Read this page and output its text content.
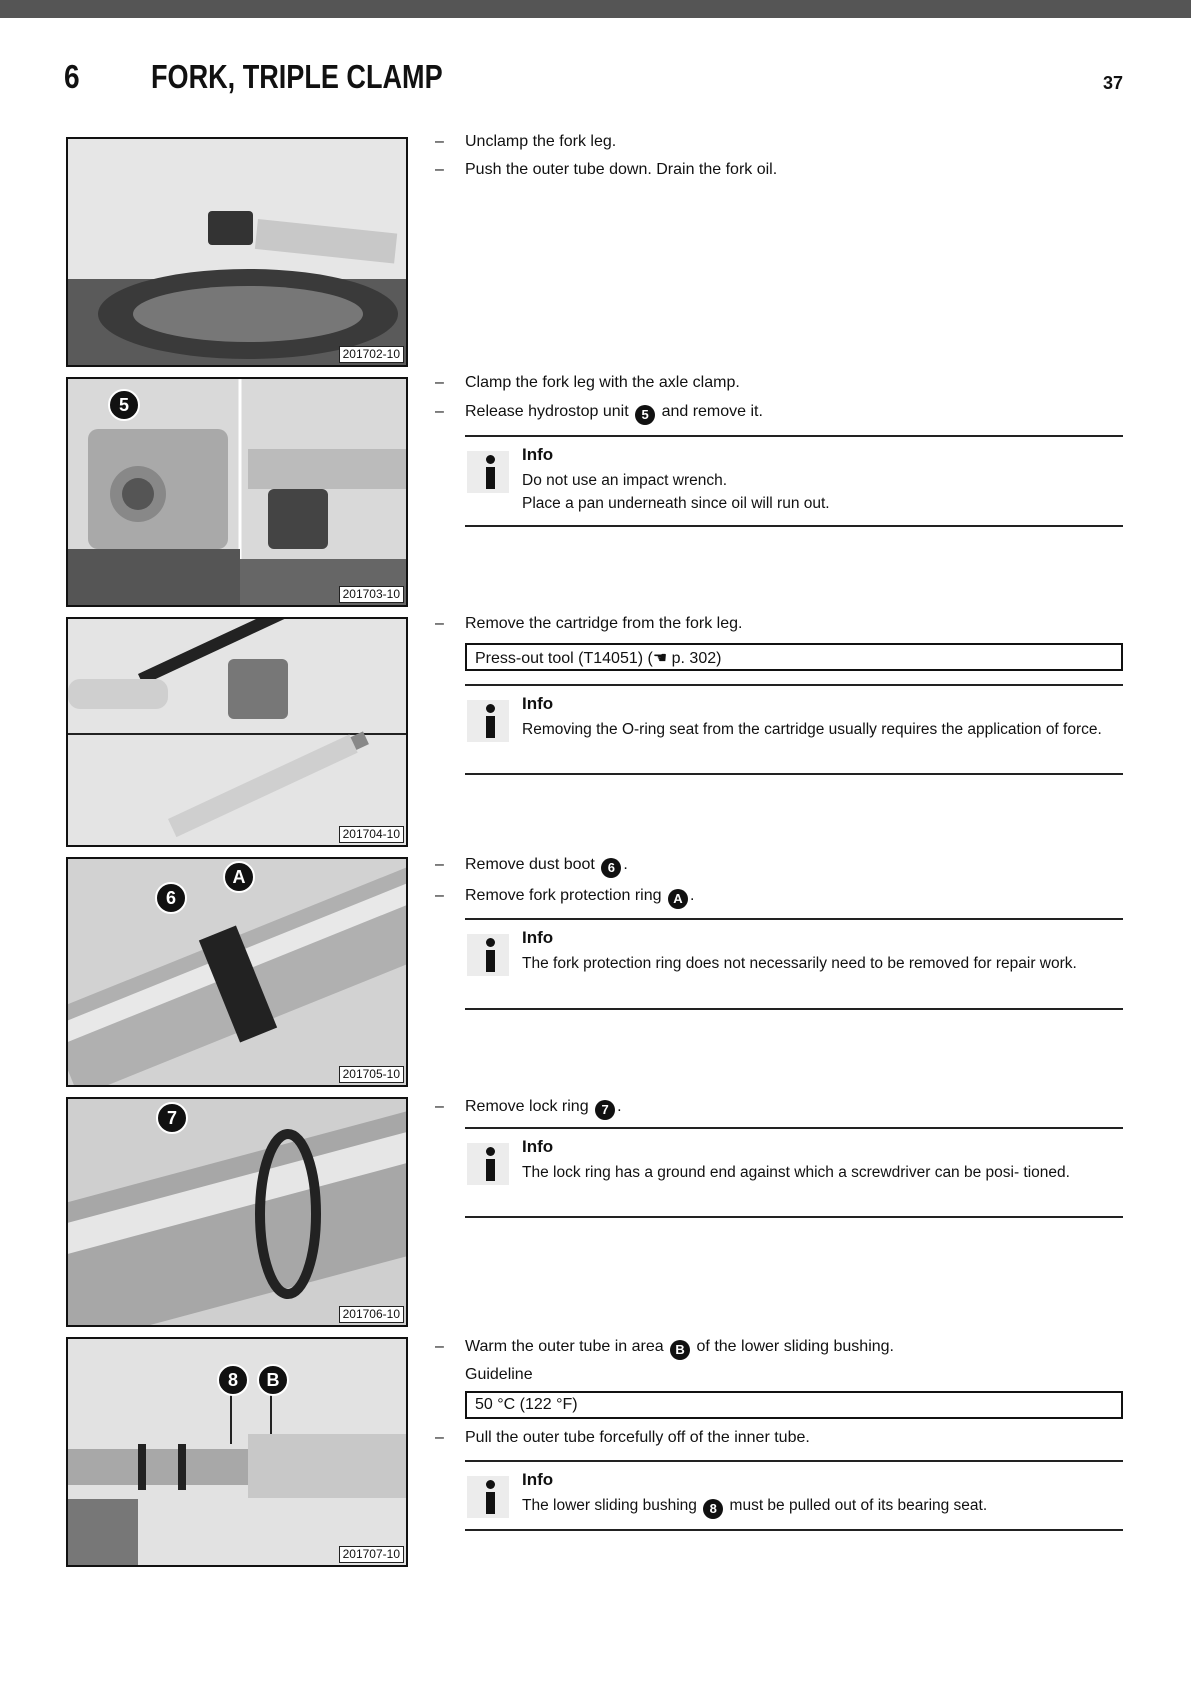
6 FORK, TRIPLE CLAMP	37
201702-10
5
201703-10
201704-10
6
A
201705-10
7
201706-10
8	B
201707-10
– Unclamp the fork leg.
– Push the outer tube down. Drain the fork oil.
– Clamp the fork leg with the axle clamp.
– Release hydrostop unit 5 and remove it.
Info
Do not use an impact wrench.
Place a pan underneath since oil will run out.
– Remove the cartridge from the fork leg.
Press-out tool (T14051) (☚ p. 302)
Info
Removing the O-ring seat from the cartridge usually requires the application of force.
– Remove dust boot 6 .
– Remove fork protection ring A .
Info
The fork protection ring does not necessarily need to be removed for repair work.
– Remove lock ring 7 .
Info
The lock ring has a ground end against which a screwdriver can be posi- tioned.
– Warm the outer tube in area B of the lower sliding bushing.
Guideline
50 °C (122 °F)
– Pull the outer tube forcefully off of the inner tube.
Info
The lower sliding bushing 8 must be pulled out of its bearing seat.
